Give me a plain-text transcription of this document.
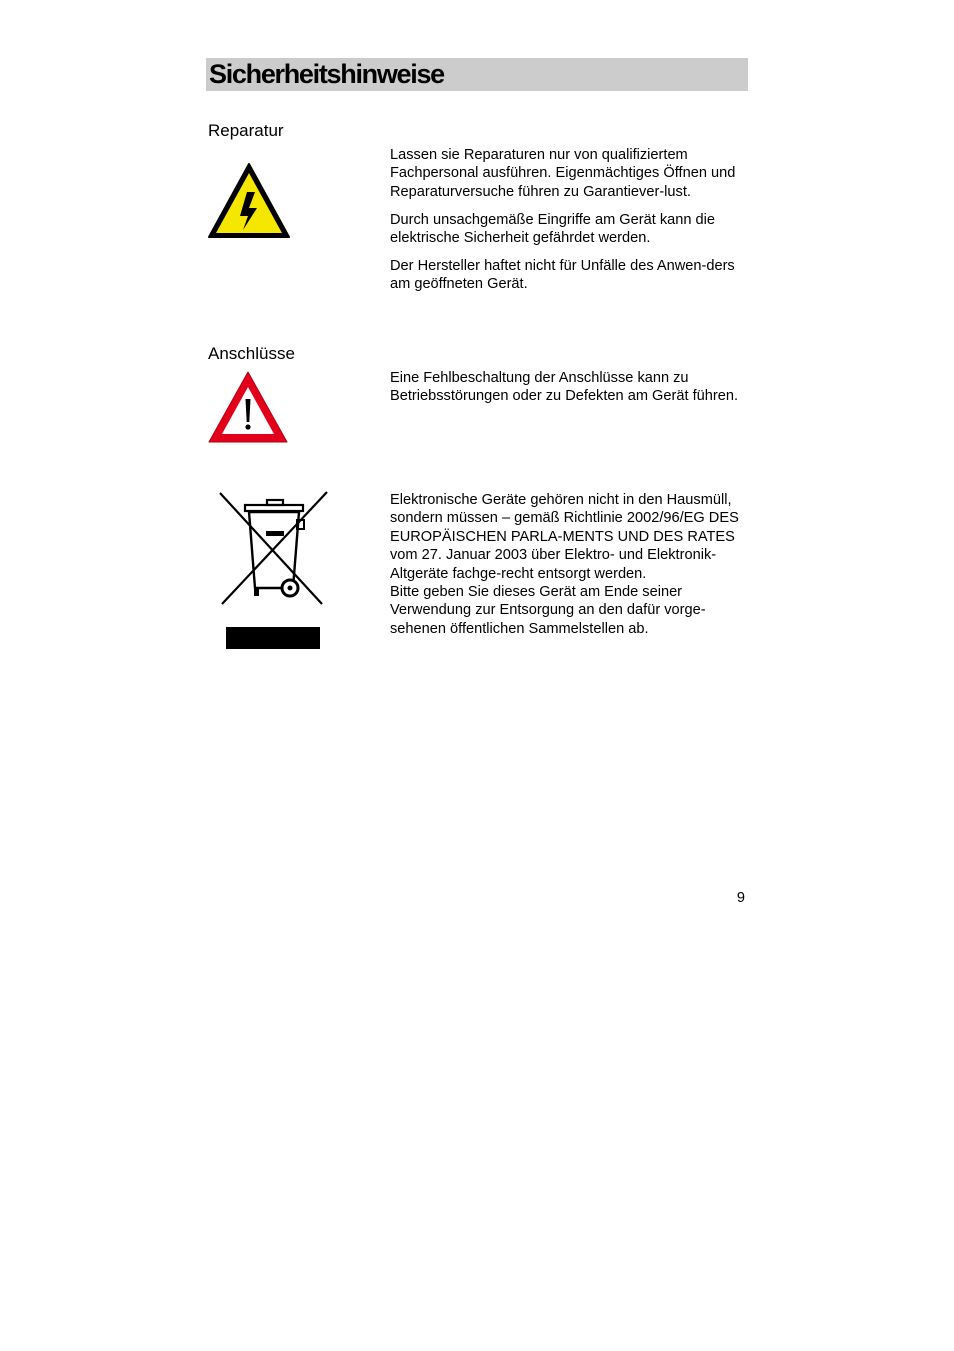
Sicherheitshinweise
Reparatur

Lassen sie Reparaturen nur von qualifiziertem Fachpersonal ausführen. Eigenmächtiges Öffnen und Reparaturversuche führen zu Garantiever-lust.

Durch unsachgemäße Eingriffe am Gerät kann die elektrische Sicherheit gefährdet werden.

Der Hersteller haftet nicht für Unfälle des Anwen-ders am geöffneten Gerät.

Anschlüsse

Eine Fehlbeschaltung der Anschlüsse kann zu Betriebsstörungen oder zu Defekten am Gerät führen.

Elektronische Geräte gehören nicht in den Hausmüll, sondern müssen – gemäß Richtlinie 2002/96/EG DES EUROPÄISCHEN PARLA-MENTS UND DES RATES vom 27. Januar 2003 über Elektro- und Elektronik-Altgeräte fachge-recht entsorgt werden.

Bitte geben Sie dieses Gerät am Ende seiner Verwendung zur Entsorgung an den dafür vorge-sehenen öffentlichen Sammelstellen ab.

9
